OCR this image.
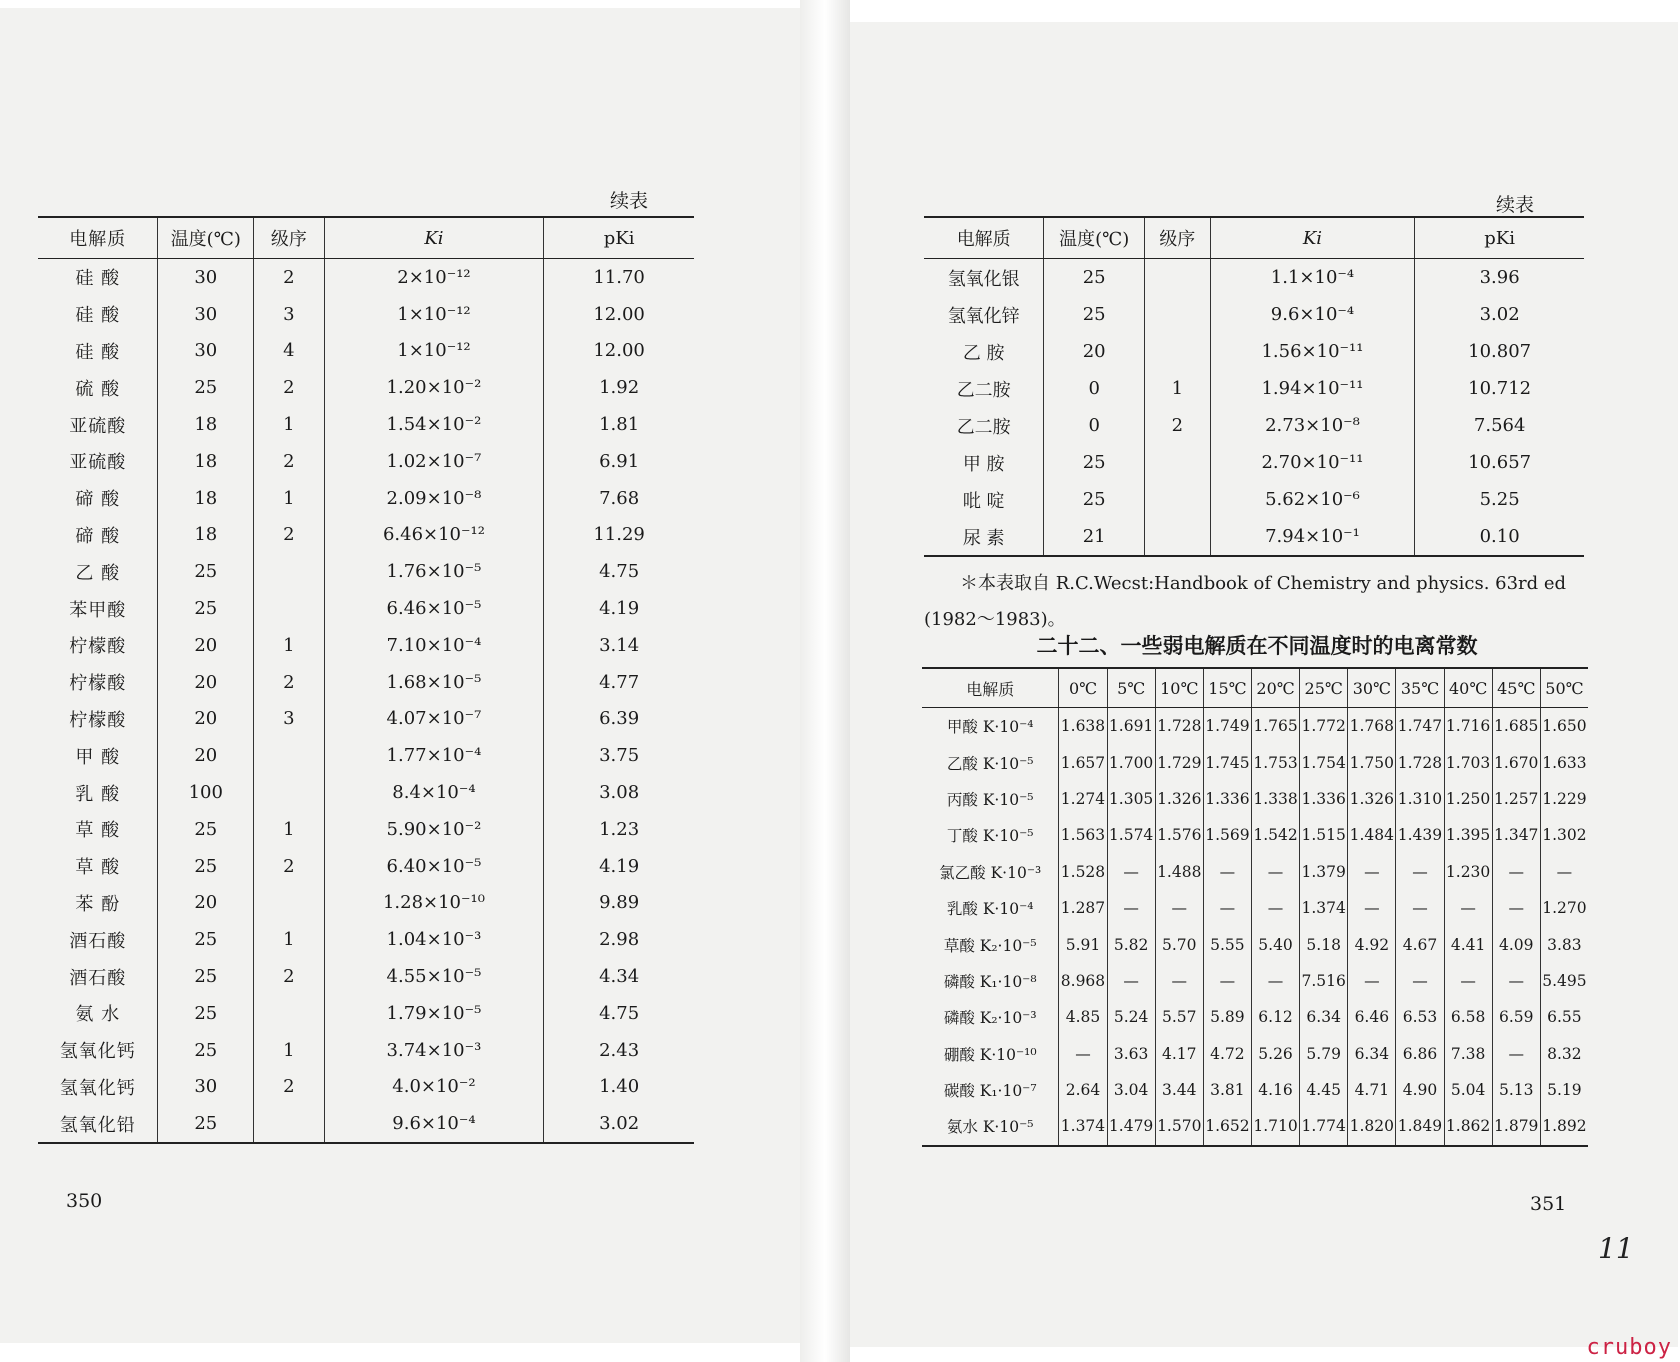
续表
电解质	温度(℃)	级序	Ki	pKi
硅 酸	30	2	2×10⁻¹²	11.70
硅 酸	30	3	1×10⁻¹²	12.00
硅 酸	30	4	1×10⁻¹²	12.00
硫 酸	25	2	1.20×10⁻²	1.92
亚硫酸	18	1	1.54×10⁻²	1.81
亚硫酸	18	2	1.02×10⁻⁷	6.91
碲 酸	18	1	2.09×10⁻⁸	7.68
碲 酸	18	2	6.46×10⁻¹²	11.29
乙 酸	25		1.76×10⁻⁵	4.75
苯甲酸	25		6.46×10⁻⁵	4.19
柠檬酸	20	1	7.10×10⁻⁴	3.14
柠檬酸	20	2	1.68×10⁻⁵	4.77
柠檬酸	20	3	4.07×10⁻⁷	6.39
甲 酸	20		1.77×10⁻⁴	3.75
乳 酸	100		8.4×10⁻⁴	3.08
草 酸	25	1	5.90×10⁻²	1.23
草 酸	25	2	6.40×10⁻⁵	4.19
苯 酚	20		1.28×10⁻¹⁰	9.89
酒石酸	25	1	1.04×10⁻³	2.98
酒石酸	25	2	4.55×10⁻⁵	4.34
氨 水	25		1.79×10⁻⁵	4.75
氢氧化钙	25	1	3.74×10⁻³	2.43
氢氧化钙	30	2	4.0×10⁻²	1.40
氢氧化铅	25		9.6×10⁻⁴	3.02
350
续表
电解质	温度(℃)	级序	Ki	pKi
氢氧化银	25		1.1×10⁻⁴	3.96
氢氧化锌	25		9.6×10⁻⁴	3.02
乙 胺	20		1.56×10⁻¹¹	10.807
乙二胺	0	1	1.94×10⁻¹¹	10.712
乙二胺	0	2	2.73×10⁻⁸	7.564
甲 胺	25		2.70×10⁻¹¹	10.657
吡 啶	25		5.62×10⁻⁶	5.25
尿 素	21		7.94×10⁻¹	0.10
＊本表取自 R.C.Wecst:Handbook of Chemistry and physics. 63rd ed (1982～1983)。
二十二、一些弱电解质在不同温度时的电离常数
电解质	0℃	5℃	10℃	15℃	20℃	25℃	30℃	35℃	40℃	45℃	50℃
甲酸 K·10⁻⁴	1.638	1.691	1.728	1.749	1.765	1.772	1.768	1.747	1.716	1.685	1.650
乙酸 K·10⁻⁵	1.657	1.700	1.729	1.745	1.753	1.754	1.750	1.728	1.703	1.670	1.633
丙酸 K·10⁻⁵	1.274	1.305	1.326	1.336	1.338	1.336	1.326	1.310	1.250	1.257	1.229
丁酸 K·10⁻⁵	1.563	1.574	1.576	1.569	1.542	1.515	1.484	1.439	1.395	1.347	1.302
氯乙酸 K·10⁻³	1.528	—	1.488	—	—	1.379	—	—	1.230	—	—
乳酸 K·10⁻⁴	1.287	—	—	—	—	1.374	—	—	—	—	1.270
草酸 K₂·10⁻⁵	5.91	5.82	5.70	5.55	5.40	5.18	4.92	4.67	4.41	4.09	3.83
磷酸 K₁·10⁻⁸	8.968	—	—	—	—	7.516	—	—	—	—	5.495
磷酸 K₂·10⁻³	4.85	5.24	5.57	5.89	6.12	6.34	6.46	6.53	6.58	6.59	6.55
硼酸 K·10⁻¹⁰	—	3.63	4.17	4.72	5.26	5.79	6.34	6.86	7.38	—	8.32
碳酸 K₁·10⁻⁷	2.64	3.04	3.44	3.81	4.16	4.45	4.71	4.90	5.04	5.13	5.19
氨水 K·10⁻⁵	1.374	1.479	1.570	1.652	1.710	1.774	1.820	1.849	1.862	1.879	1.892
351
11
cruboy
